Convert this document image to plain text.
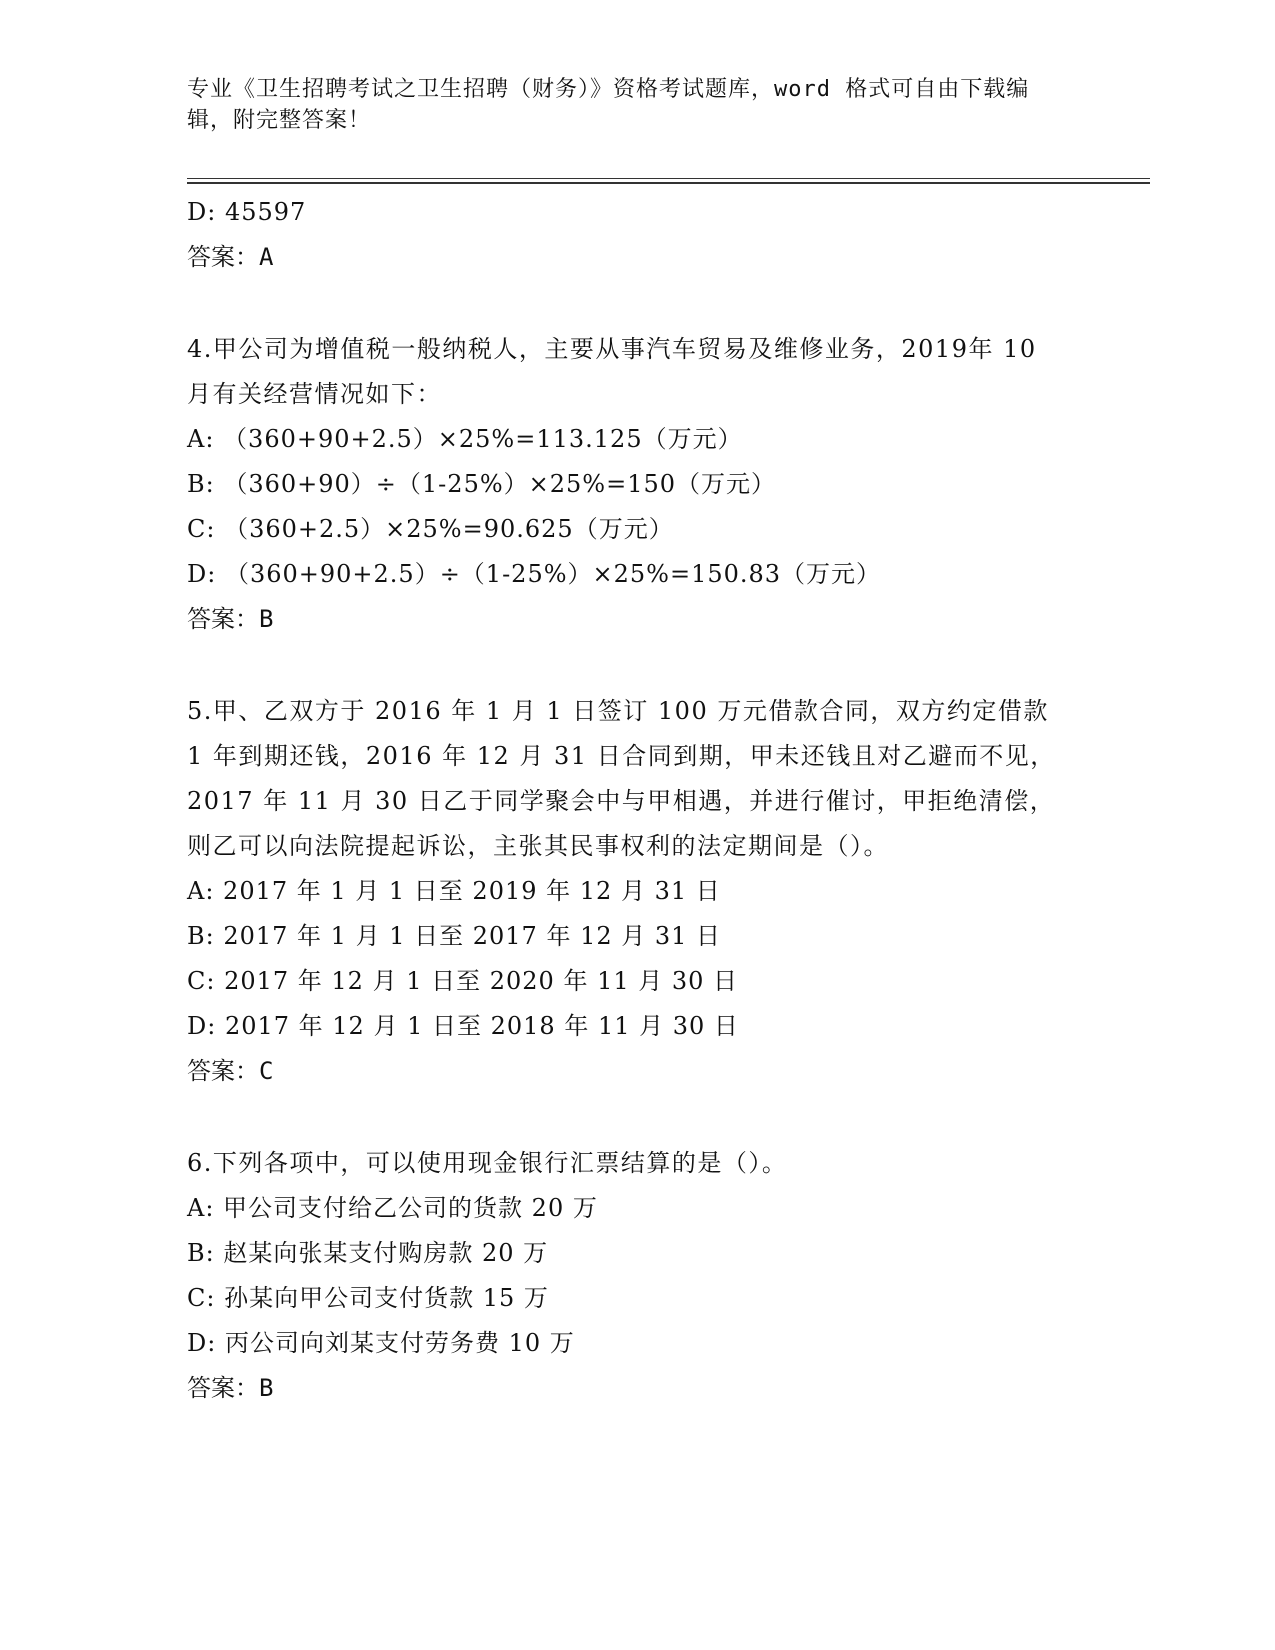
专业《卫生招聘考试之卫生招聘（财务）》资格考试题库，word 格式可自由下载编辑，附完整答案！
D: 45597
答案：A
4.甲公司为增值税一般纳税人，主要从事汽车贸易及维修业务，2019年 10 月有关经营情况如下：
A: （360+90+2.5）×25%=113.125（万元）
B: （360+90）÷（1-25%）×25%=150（万元）
C: （360+2.5）×25%=90.625（万元）
D: （360+90+2.5）÷（1-25%）×25%=150.83（万元）
答案：B
5.甲、乙双方于 2016 年 1 月 1 日签订 100 万元借款合同，双方约定借款 1 年到期还钱，2016 年 12 月 31 日合同到期，甲未还钱且对乙避而不见，2017 年 11 月 30 日乙于同学聚会中与甲相遇，并进行催讨，甲拒绝清偿，则乙可以向法院提起诉讼，主张其民事权利的法定期间是（）。
A: 2017 年 1 月 1 日至 2019 年 12 月 31 日
B: 2017 年 1 月 1 日至 2017 年 12 月 31 日
C: 2017 年 12 月 1 日至 2020 年 11 月 30 日
D: 2017 年 12 月 1 日至 2018 年 11 月 30 日
答案：C
6.下列各项中，可以使用现金银行汇票结算的是（）。
A: 甲公司支付给乙公司的货款 20 万
B: 赵某向张某支付购房款 20 万
C: 孙某向甲公司支付货款 15 万
D: 丙公司向刘某支付劳务费 10 万
答案：B
